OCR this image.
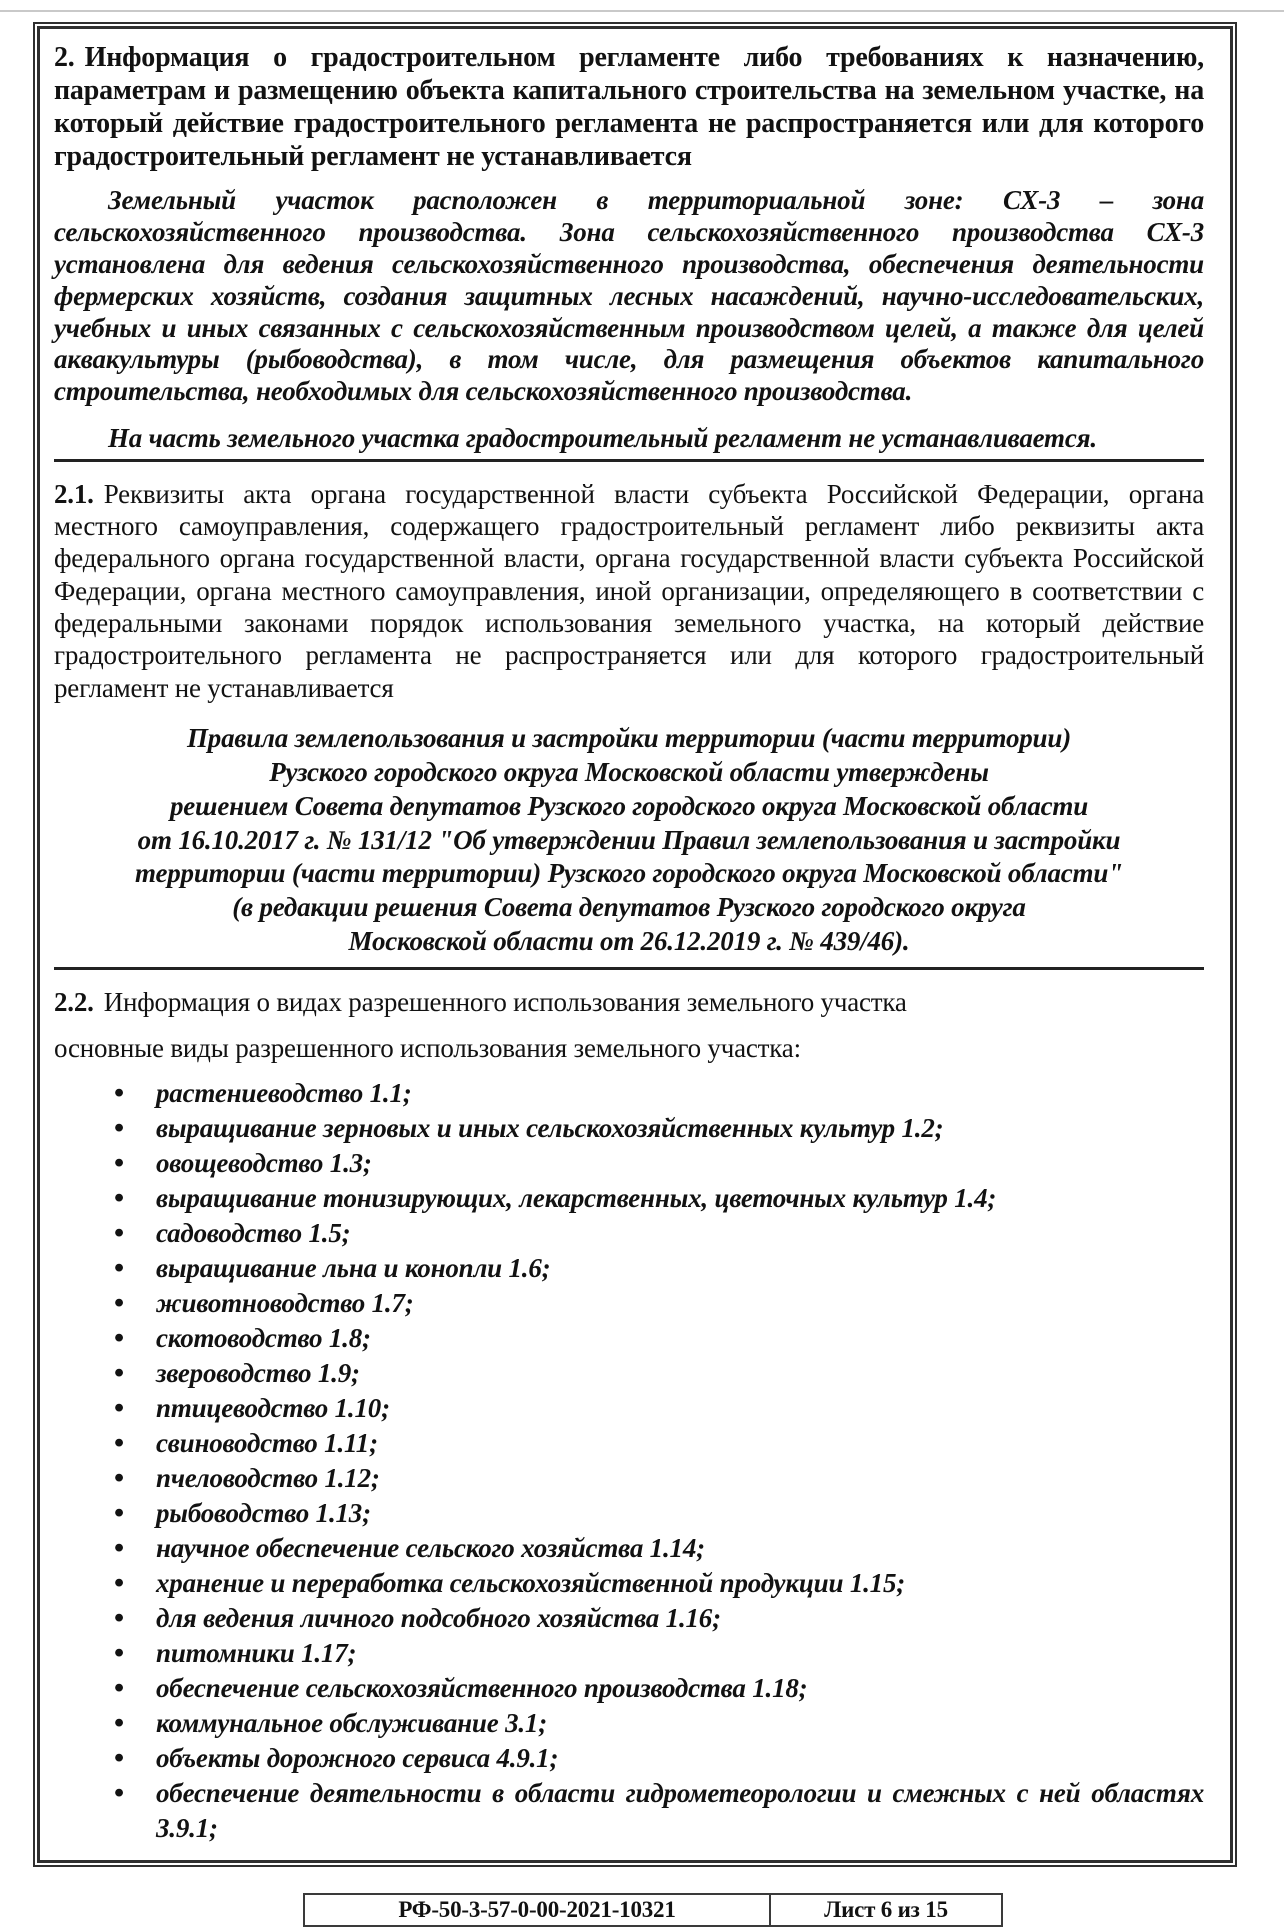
2. Информация о градостроительном регламенте либо требованиях к назначению, параметрам и размещению объекта капитального строительства на земельном участке, на который действие градостроительного регламента не распространяется или для которого градостроительный регламент не устанавливается

Земельный участок расположен в территориальной зоне: СХ-3 – зона сельскохозяйственного производства. Зона сельскохозяйственного производства СХ-3 установлена для ведения сельскохозяйственного производства, обеспечения деятельности фермерских хозяйств, создания защитных лесных насаждений, научно-исследовательских, учебных и иных связанных с сельскохозяйственным производством целей, а также для целей аквакультуры (рыбоводства), в том числе, для размещения объектов капитального строительства, необходимых для сельскохозяйственного производства.

На часть земельного участка градостроительный регламент не устанавливается.

2.1. Реквизиты акта органа государственной власти субъекта Российской Федерации, органа местного самоуправления, содержащего градостроительный регламент либо реквизиты акта федерального органа государственной власти, органа государственной власти субъекта Российской Федерации, органа местного самоуправления, иной организации, определяющего в соответствии с федеральными законами порядок использования земельного участка, на который действие градостроительного регламента не распространяется или для которого градостроительный регламент не устанавливается

Правила землепользования и застройки территории (части территории)
Рузского городского округа Московской области утверждены
решением Совета депутатов Рузского городского округа Московской области
от 16.10.2017 г. № 131/12 "Об утверждении Правил землепользования и застройки
территории (части территории) Рузского городского округа Московской области"
(в редакции решения Совета депутатов Рузского городского округа
Московской области от 26.12.2019 г. № 439/46).

2.2. Информация о видах разрешенного использования земельного участка

основные виды разрешенного использования земельного участка:

• растениеводство 1.1;
• выращивание зерновых и иных сельскохозяйственных культур 1.2;
• овощеводство 1.3;
• выращивание тонизирующих, лекарственных, цветочных культур 1.4;
• садоводство 1.5;
• выращивание льна и конопли 1.6;
• животноводство 1.7;
• скотоводство 1.8;
• звероводство 1.9;
• птицеводство 1.10;
• свиноводство 1.11;
• пчеловодство 1.12;
• рыбоводство 1.13;
• научное обеспечение сельского хозяйства 1.14;
• хранение и переработка сельскохозяйственной продукции 1.15;
• для ведения личного подсобного хозяйства 1.16;
• питомники 1.17;
• обеспечение сельскохозяйственного производства 1.18;
• коммунальное обслуживание 3.1;
• объекты дорожного сервиса 4.9.1;
• обеспечение деятельности в области гидрометеорологии и смежных с ней областях 3.9.1;
РФ-50-3-57-0-00-2021-10321	Лист 6 из 15
